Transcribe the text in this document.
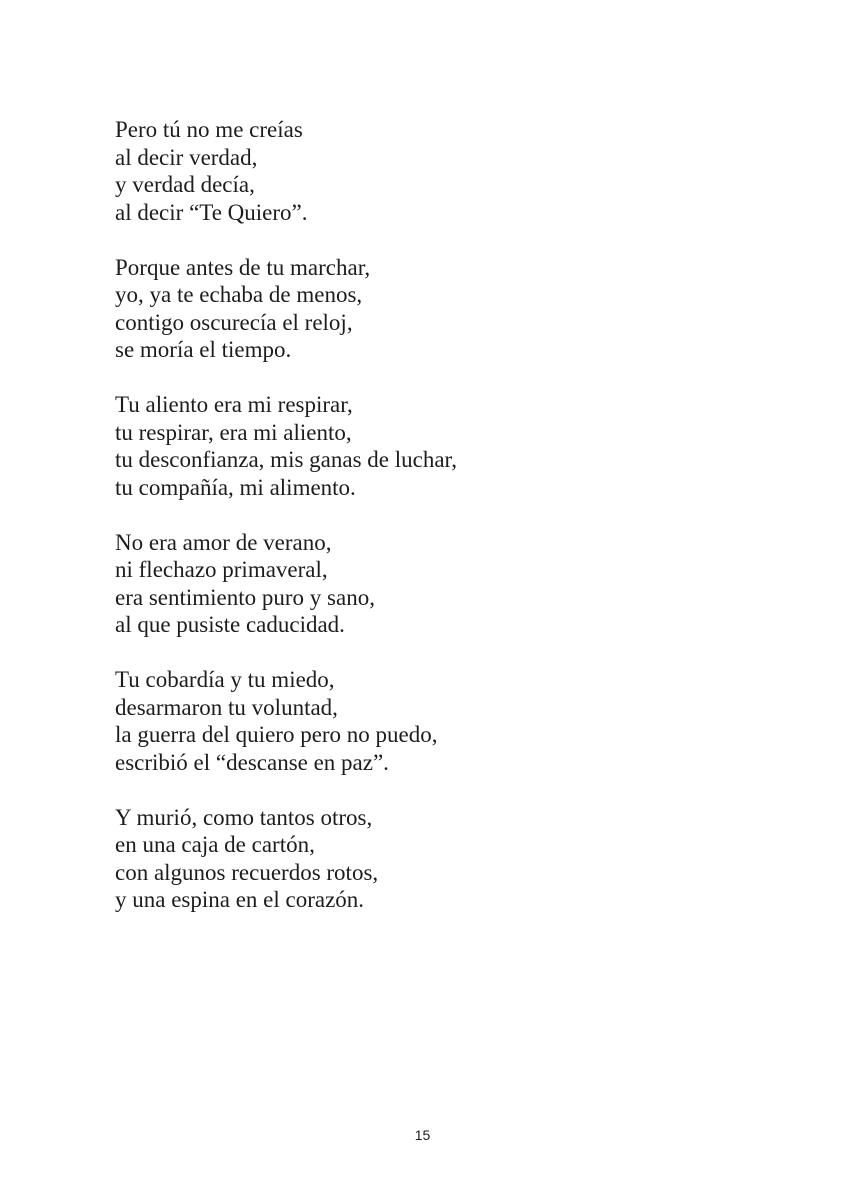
Pero tú no me creías
al decir verdad,
y verdad decía,
al decir “Te Quiero”.
Porque antes de tu marchar,
yo, ya te echaba de menos,
contigo oscurecía el reloj,
se moría el tiempo.
Tu aliento era mi respirar,
tu respirar, era mi aliento,
tu desconfianza, mis ganas de luchar,
tu compañía, mi alimento.
No era amor de verano,
ni flechazo primaveral,
era sentimiento puro y sano,
al que pusiste caducidad.
Tu cobardía y tu miedo,
desarmaron tu voluntad,
la guerra del quiero pero no puedo,
escribió el “descanse en paz”.
Y murió, como tantos otros,
en una caja de cartón,
con algunos recuerdos rotos,
y una espina en el corazón.
15
